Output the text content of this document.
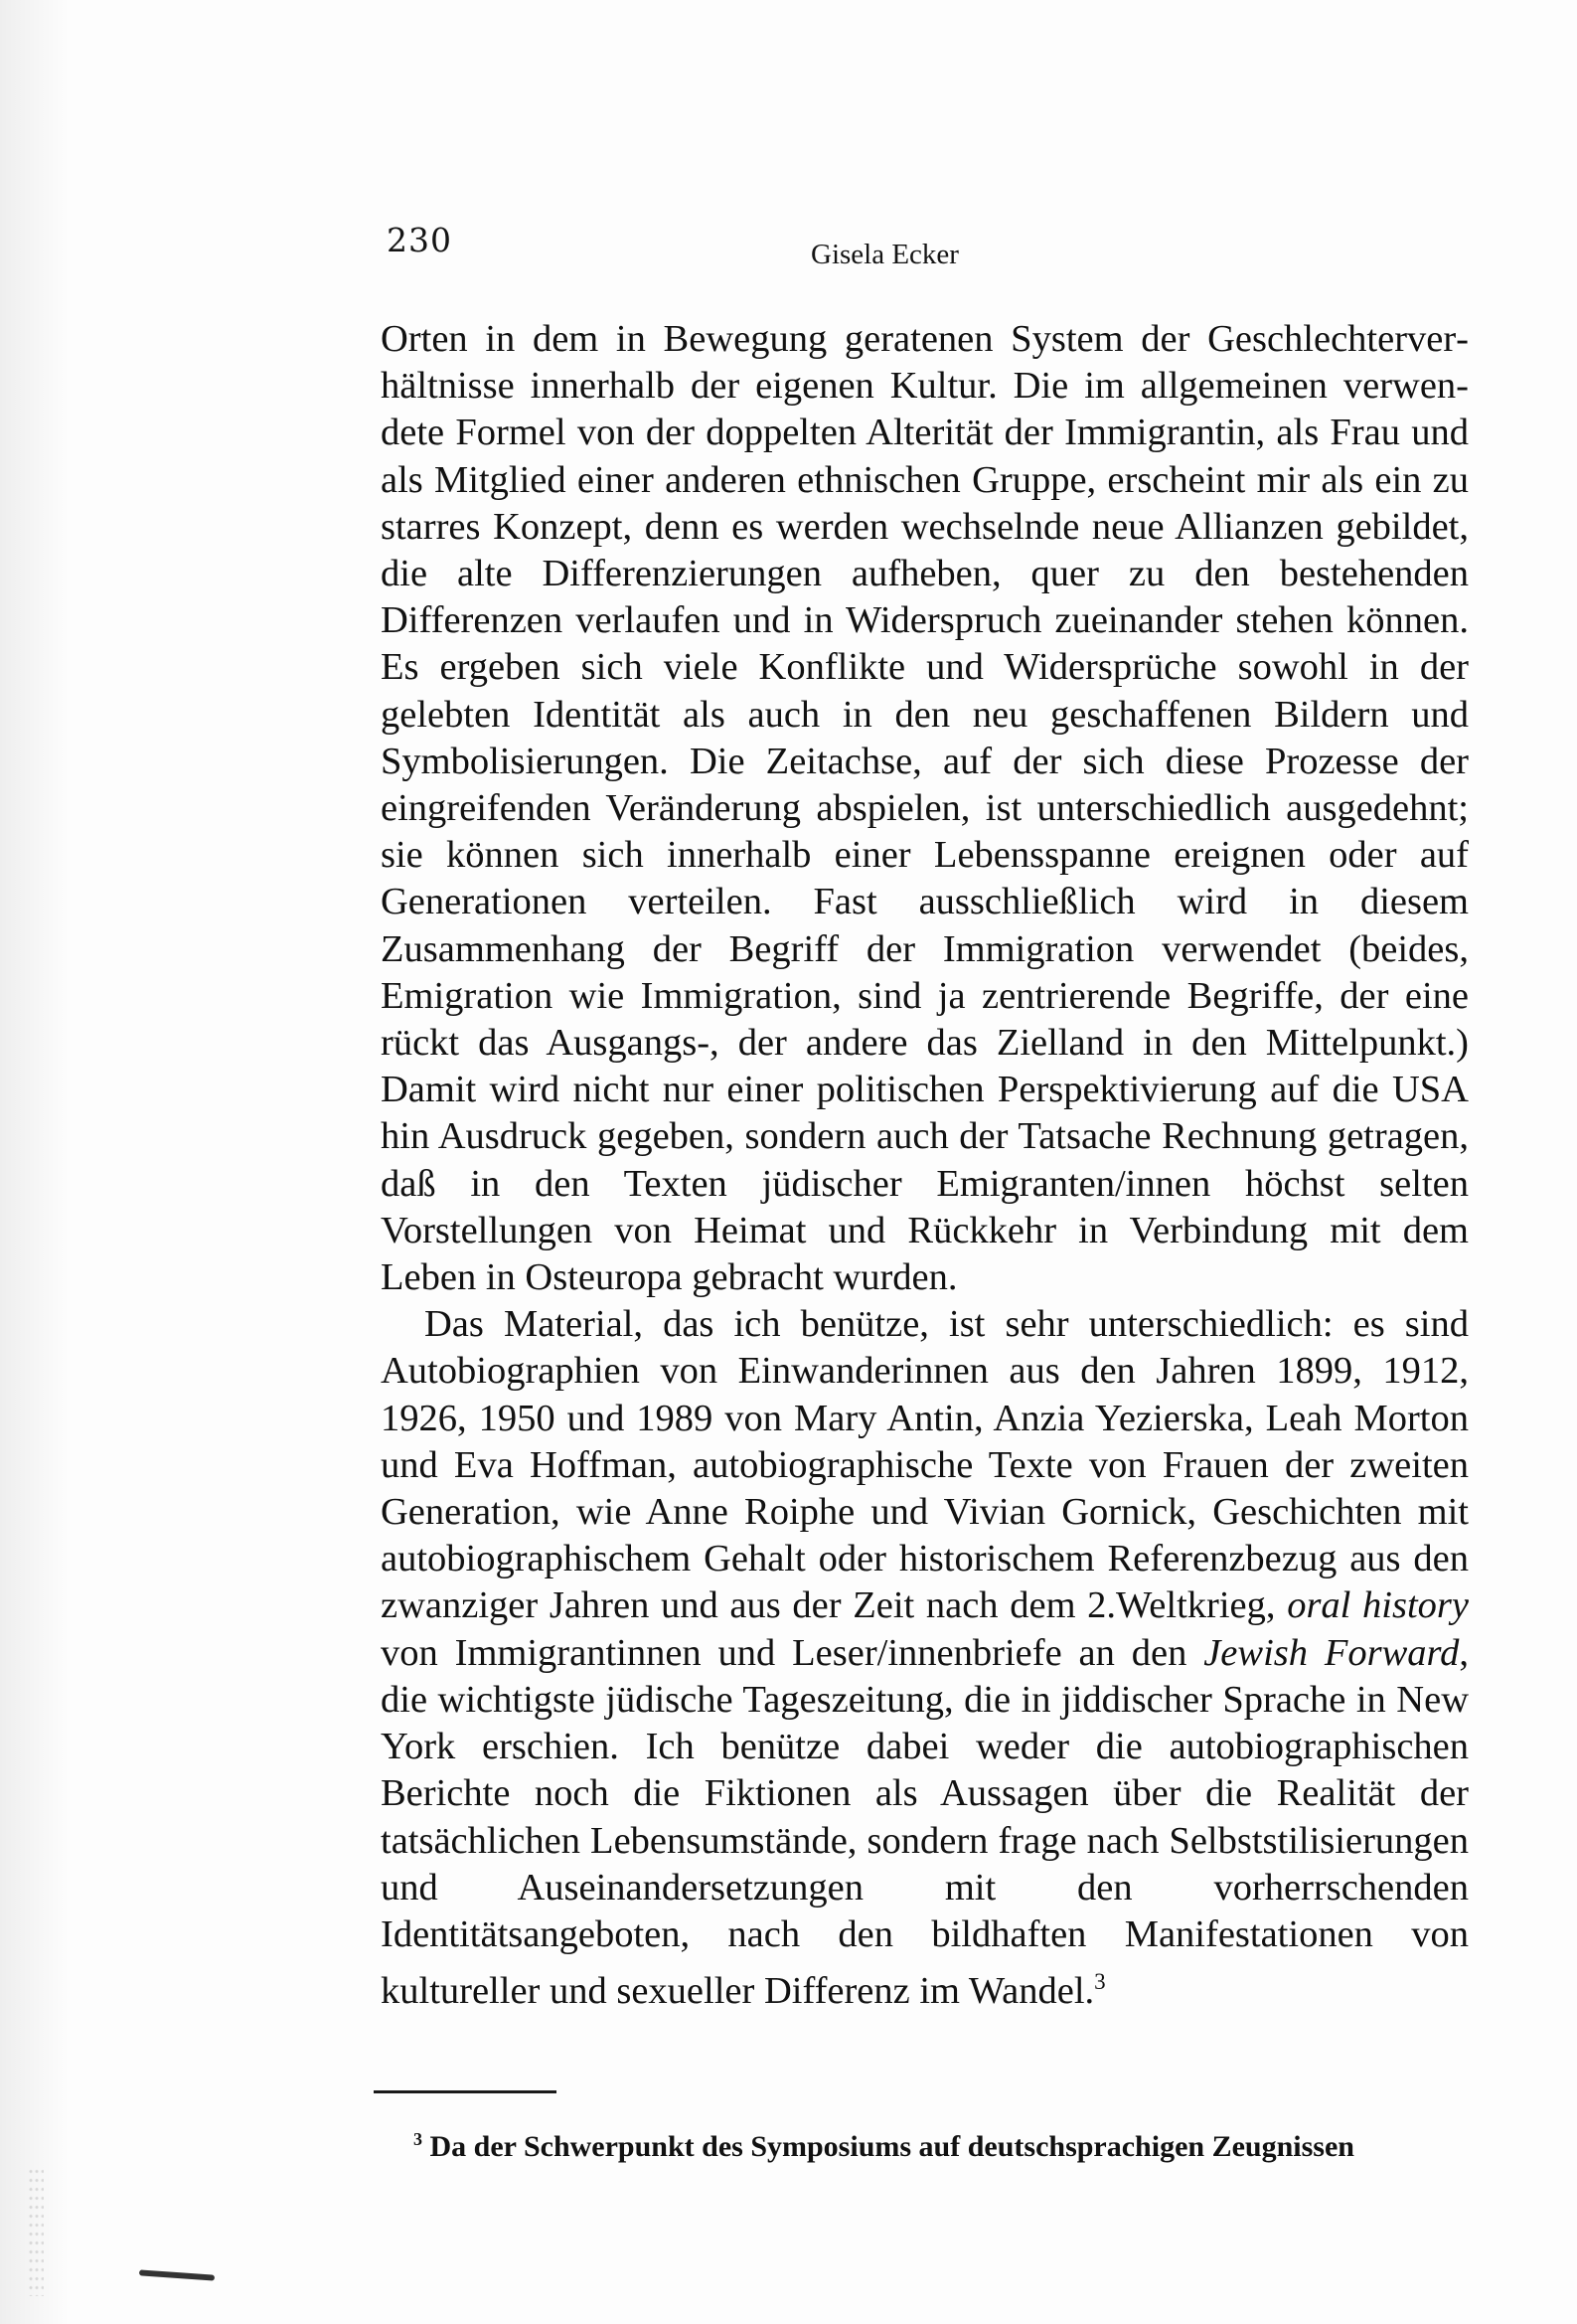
230	Gisela Ecker

Orten in dem in Bewegung geratenen System der Geschlechterverhältnisse innerhalb der eigenen Kultur. Die im allgemeinen verwendete Formel von der doppelten Alterität der Immigrantin, als Frau und als Mitglied einer anderen ethnischen Gruppe, erscheint mir als ein zu starres Konzept, denn es werden wechselnde neue Allianzen gebildet, die alte Differenzierungen aufheben, quer zu den bestehenden Differenzen verlaufen und in Widerspruch zueinander stehen können. Es ergeben sich viele Konflikte und Widersprüche sowohl in der gelebten Identität als auch in den neu geschaffenen Bildern und Symbolisierungen. Die Zeitachse, auf der sich diese Prozesse der eingreifenden Veränderung abspielen, ist unterschiedlich ausgedehnt; sie können sich innerhalb einer Lebensspanne ereignen oder auf Generationen verteilen. Fast ausschließlich wird in diesem Zusammenhang der Begriff der Immigration verwendet (beides, Emigration wie Immigration, sind ja zentrierende Begriffe, der eine rückt das Ausgangs-, der andere das Zielland in den Mittelpunkt.) Damit wird nicht nur einer politischen Perspektivierung auf die USA hin Ausdruck gegeben, sondern auch der Tatsache Rechnung getragen, daß in den Texten jüdischer Emigranten/innen höchst selten Vorstellungen von Heimat und Rückkehr in Verbindung mit dem Leben in Osteuropa gebracht wurden.

Das Material, das ich benütze, ist sehr unterschiedlich: es sind Autobiographien von Einwanderinnen aus den Jahren 1899, 1912, 1926, 1950 und 1989 von Mary Antin, Anzia Yezierska, Leah Morton und Eva Hoffman, autobiographische Texte von Frauen der zweiten Generation, wie Anne Roiphe und Vivian Gornick, Geschichten mit autobiographischem Gehalt oder historischem Referenzbezug aus den zwanziger Jahren und aus der Zeit nach dem 2.Weltkrieg, oral history von Immigrantinnen und Leser/innenbriefe an den Jewish Forward, die wichtigste jüdische Tageszeitung, die in jiddischer Sprache in New York erschien. Ich benütze dabei weder die autobiographischen Berichte noch die Fiktionen als Aussagen über die Realität der tatsächlichen Lebensumstände, sondern frage nach Selbststilisierungen und Auseinandersetzungen mit den vorherrschenden Identitätsangeboten, nach den bildhaften Manifestationen von kultureller und sexueller Differenz im Wandel.$^3$

$^3$ Da der Schwerpunkt des Symposiums auf deutschsprachigen Zeugnissen
